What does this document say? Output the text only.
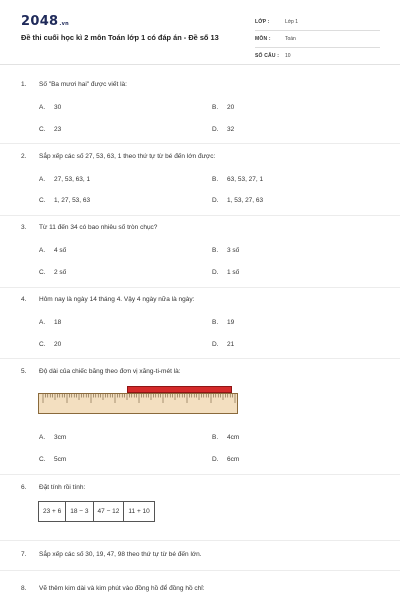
2048.vn
Đề thi cuối học kì 2 môn Toán lớp 1 có đáp án - Đề số 13
LỚP :	Lớp 1
MÔN :	Toán
SỐ CÂU : 10
1. Số "Ba mươi hai" được viết là:
A. 30	B. 20
C. 23	D. 32
2. Sắp xếp các số 27, 53, 63, 1 theo thứ tự từ bé đến lớn được:
A. 27, 53, 63, 1	B. 63, 53, 27, 1
C. 1, 27, 53, 63	D. 1, 53, 27, 63
3. Từ 11 đến 34 có bao nhiêu số tròn chục?
A. 4 số	B. 3 số
C. 2 số	D. 1 số
4. Hôm nay là ngày 14 tháng 4. Vậy 4 ngày nữa là ngày:
A. 18	B. 19
C. 20	D. 21
5. Độ dài của chiếc băng theo đơn vị xăng-ti-mét là:
A. 3cm	B. 4cm
C. 5cm	D. 6cm
6. Đặt tính rồi tính:
23 + 6	18 − 3	47 − 12	11 + 10
7. Sắp xếp các số 30, 19, 47, 98 theo thứ tự từ bé đến lớn.
8. Vẽ thêm kim dài và kim phút vào đồng hồ để đồng hồ chỉ:
